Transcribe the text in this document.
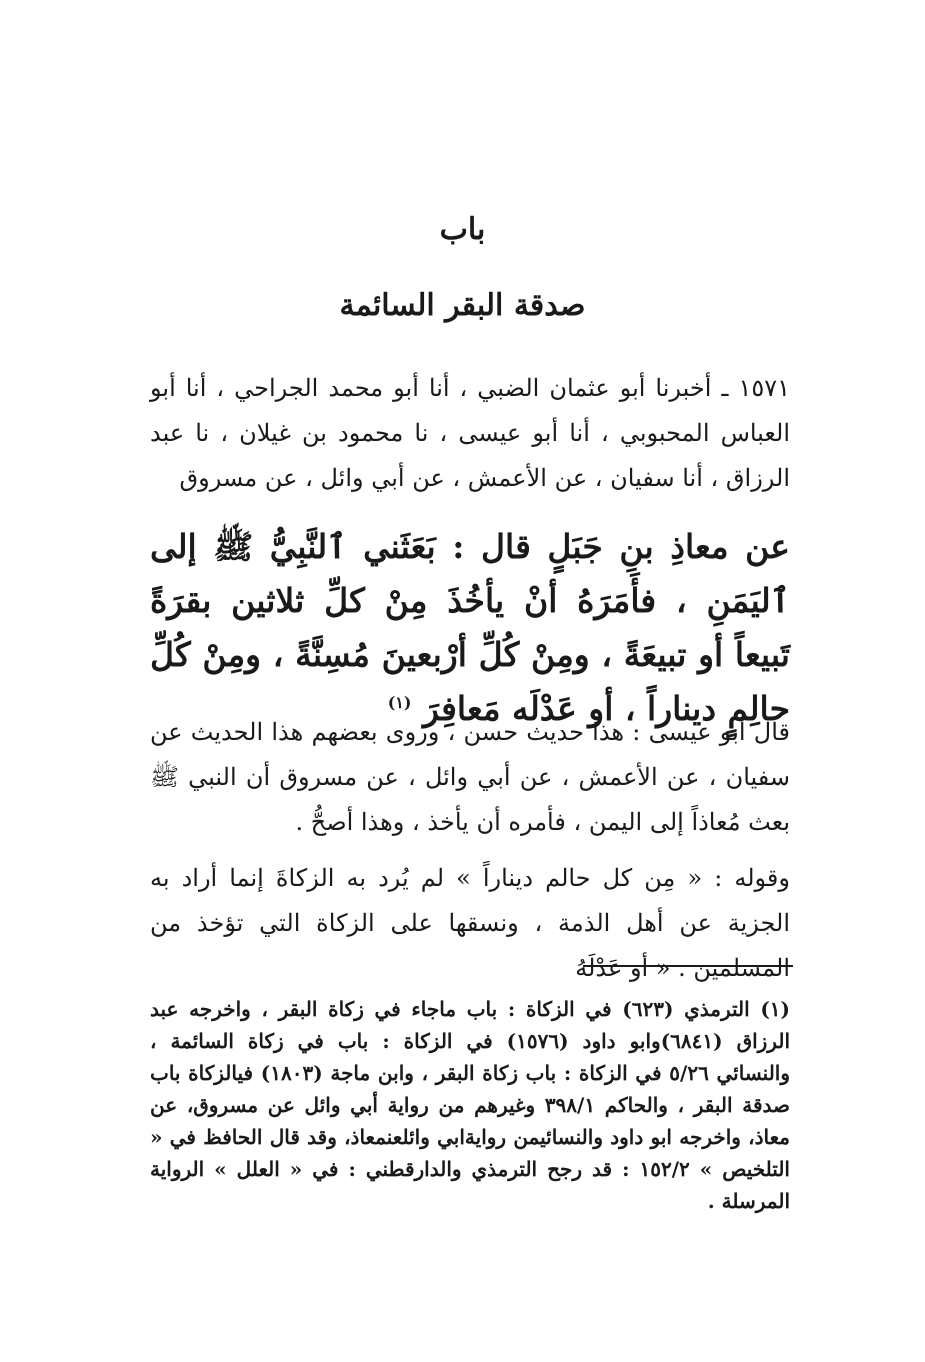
باب
صدقة البقر السائمة

١٥٧١ ـ أخبرنا أبو عثمان الضبي ، أنا أبو محمد الجراحي ، أنا أبو العباس المحبوبي ، أنا أبو عيسى ، نا محمود بن غيلان ، نا عبد الرزاق ، أنا سفيان ، عن الأعمش ، عن أبي وائل ، عن مسروق

عن معاذِ بنِ جَبَلٍ قال : بَعَثَني ٱلنَّبِيُّ ﷺ إلى ٱليَمَنِ ، فأَمَرَهُ أنْ يأخُذَ مِنْ كلِّ ثلاثين بقرَةً تَبيعاً أو تبيعَةً ، ومِنْ كُلِّ أرْبعينَ مُسِنَّةً ، ومِنْ كُلِّ حالِمٍ ديناراً ، أو عَدْلَه مَعافِرَ $^{(١)}$

قال أبو عيسى : هذا حديث حسن ، وروى بعضهم هذا الحديث عن سفيان ، عن الأعمش ، عن أبي وائل ، عن مسروق أن النبي ﷺ بعث مُعاذاً إلى اليمن ، فأمره أن يأخذ ، وهذا أصحُّ .

وقوله : « مِن كل حالم ديناراً » لم يُرد به الزكاةَ إنما أراد به الجزية عن أهل الذمة ، ونسقها على الزكاة التي تؤخذ من المسلمين . « أو عَدْلَهُ

(١) الترمذي (٦٢٣) في الزكاة : باب ماجاء في زكاة البقر ، واخرجه عبد الرزاق (٦٨٤١)وابو داود (١٥٧٦) في الزكاة : باب في زكاة السائمة ، والنسائي ٥/٢٦ في الزكاة : باب زكاة البقر ، وابن ماجة (١٨٠٣) فيالزكاة باب صدقة البقر ، والحاكم ٣٩٨/١ وغيرهم من رواية أبي وائل عن مسروق، عن معاذ، واخرجه ابو داود والنسائيمن روايةابي وائلعنمعاذ، وقد قال الحافظ في « التلخيص » ١٥٢/٢ : قد رجح الترمذي والدارقطني : في « العلل » الرواية المرسلة .
